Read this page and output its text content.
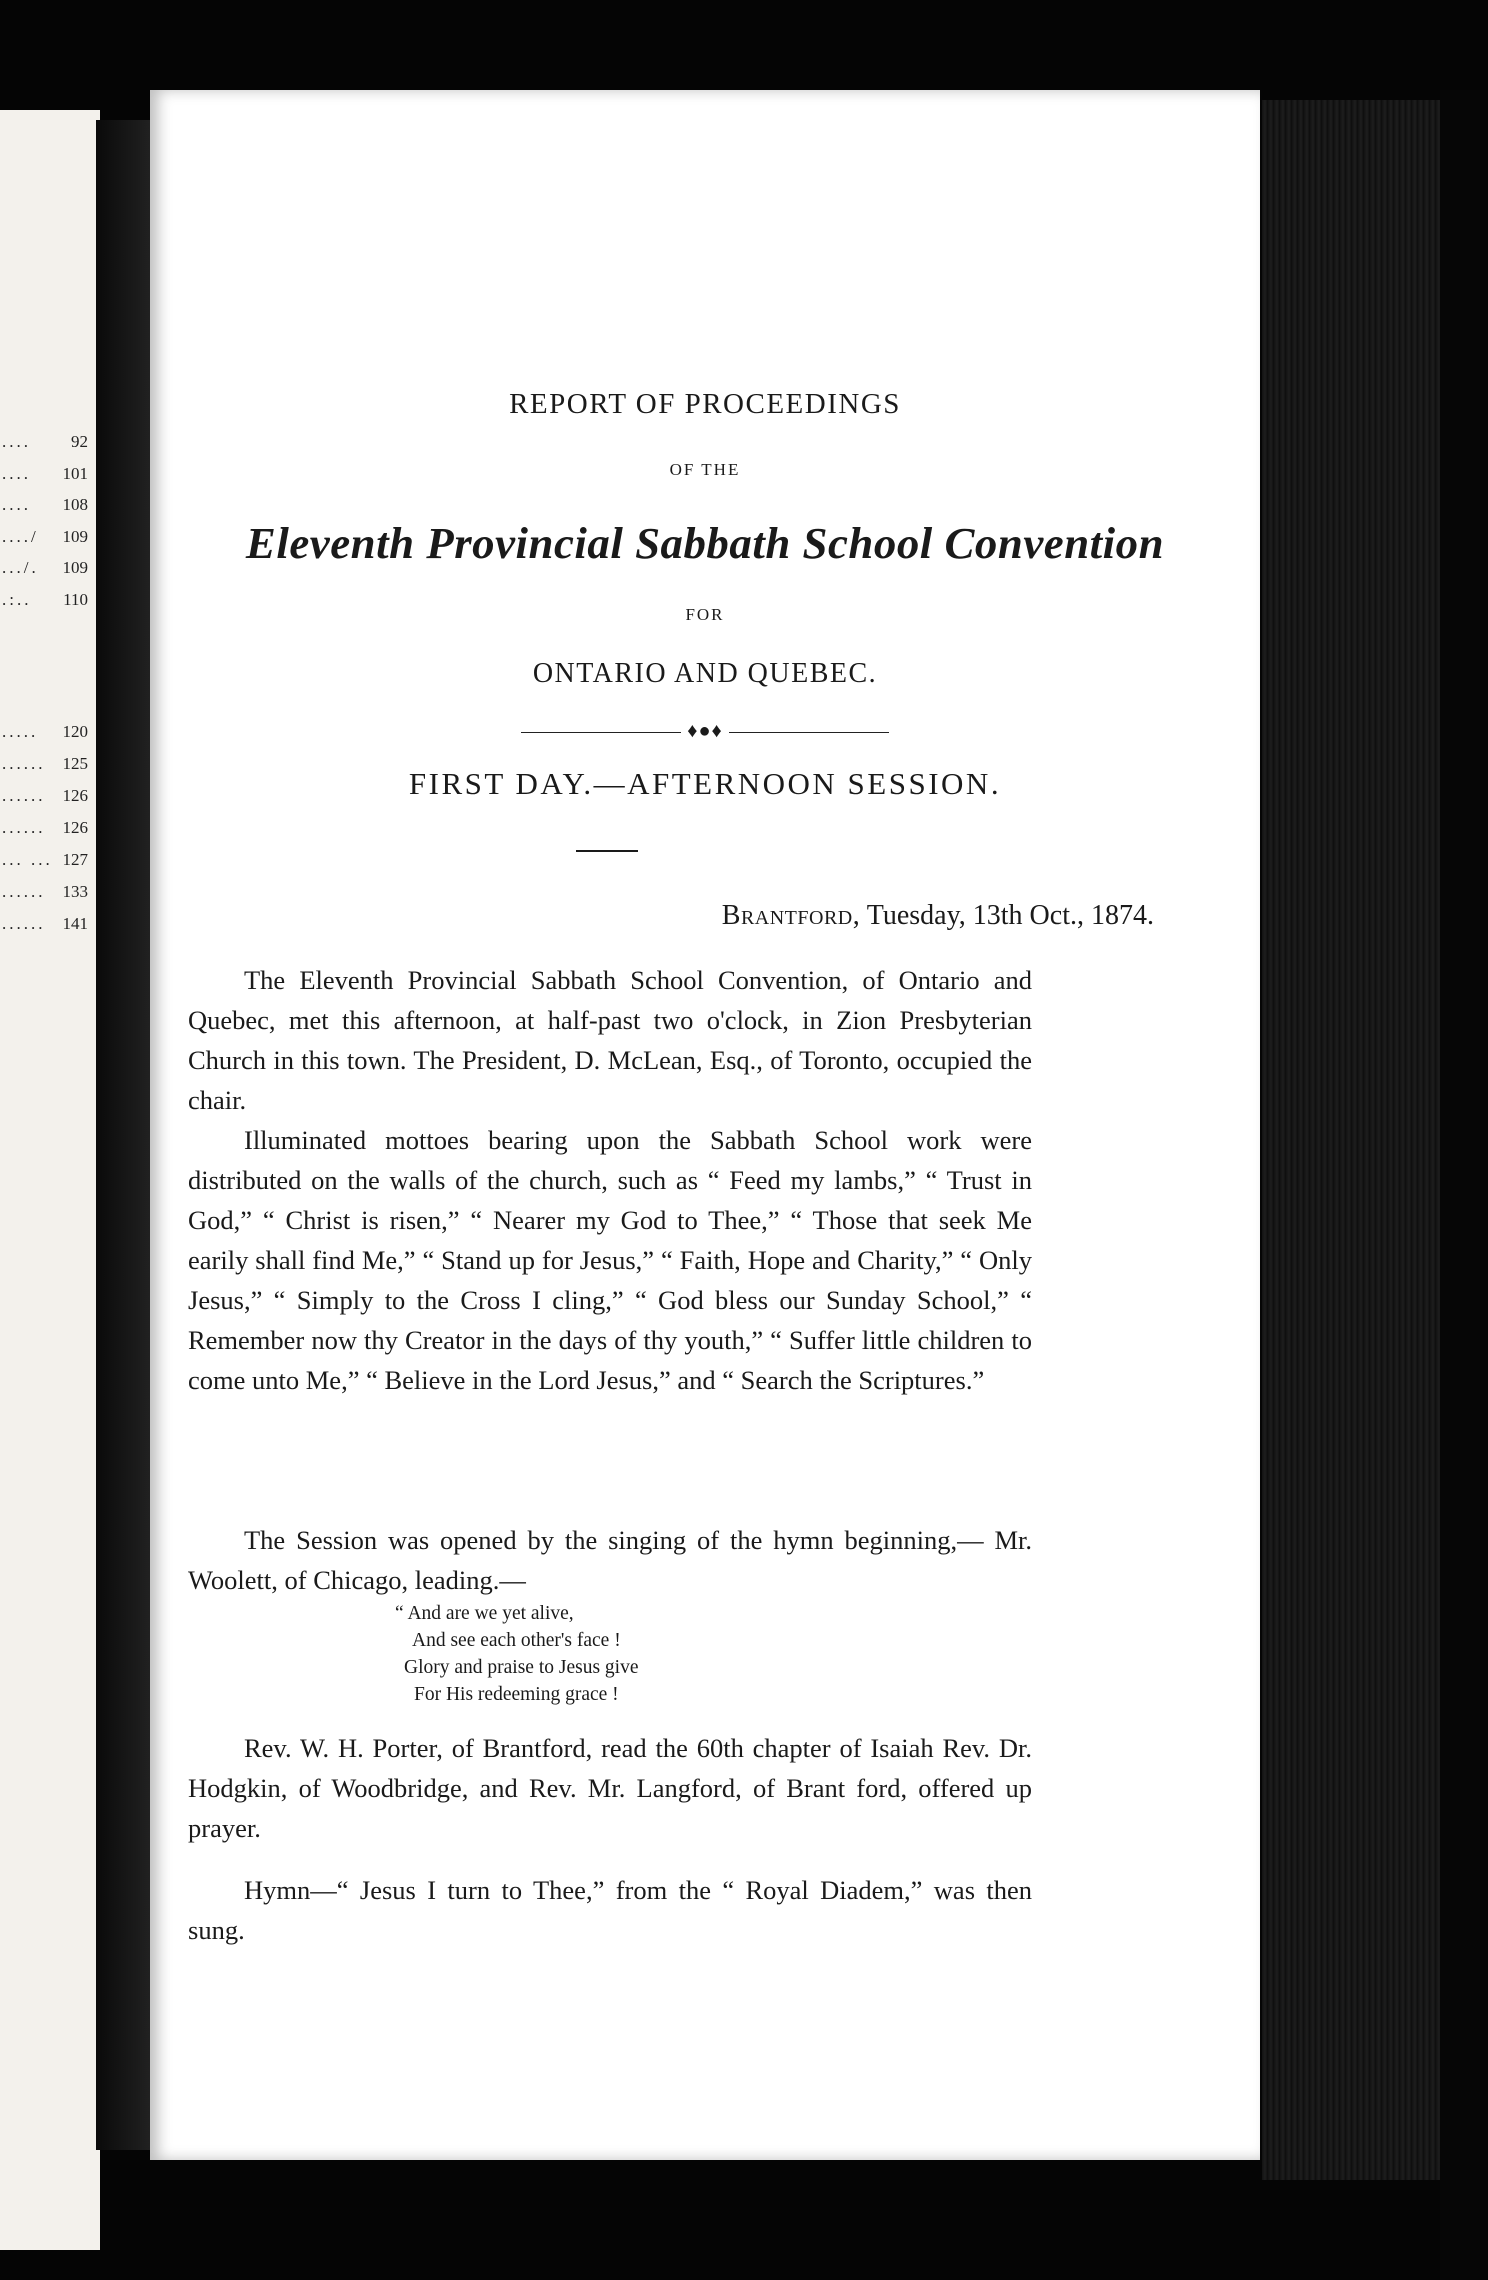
.... 92
.... 101
.... 108
..../ 109
.../. 109
.:.. 110
..... 120
...... 125
...... 126
...... 126
... ... 127
...... 133
...... 141
REPORT OF PROCEEDINGS
OF THE
Eleventh Provincial Sabbath School Convention
FOR
ONTARIO AND QUEBEC.
♦●♦
FIRST DAY.—AFTERNOON SESSION.
Brantford, Tuesday, 13th Oct., 1874.
The Eleventh Provincial Sabbath School Convention, of Ontario and Quebec, met this afternoon, at half-past two o'clock, in Zion Presbyterian Church in this town. The President, D. McLean, Esq., of Toronto, occupied the chair.
Illuminated mottoes bearing upon the Sabbath School work were distributed on the walls of the church, such as “ Feed my lambs,” “ Trust in God,” “ Christ is risen,” “ Nearer my God to Thee,” “ Those that seek Me earily shall find Me,” “ Stand up for Jesus,” “ Faith, Hope and Charity,” “ Only Jesus,” “ Simply to the Cross I cling,” “ God bless our Sunday School,” “ Remember now thy Creator in the days of thy youth,” “ Suffer little children to come unto Me,” “ Believe in the Lord Jesus,” and “ Search the Scriptures.”
The Session was opened by the singing of the hymn beginning,— Mr. Woolett, of Chicago, leading.—
“ And are we yet alive,
And see each other's face !
Glory and praise to Jesus give
For His redeeming grace !
Rev. W. H. Porter, of Brantford, read the 60th chapter of Isaiah Rev. Dr. Hodgkin, of Woodbridge, and Rev. Mr. Langford, of Brant ford, offered up prayer.
Hymn—“ Jesus I turn to Thee,” from the “ Royal Diadem,” was then sung.
